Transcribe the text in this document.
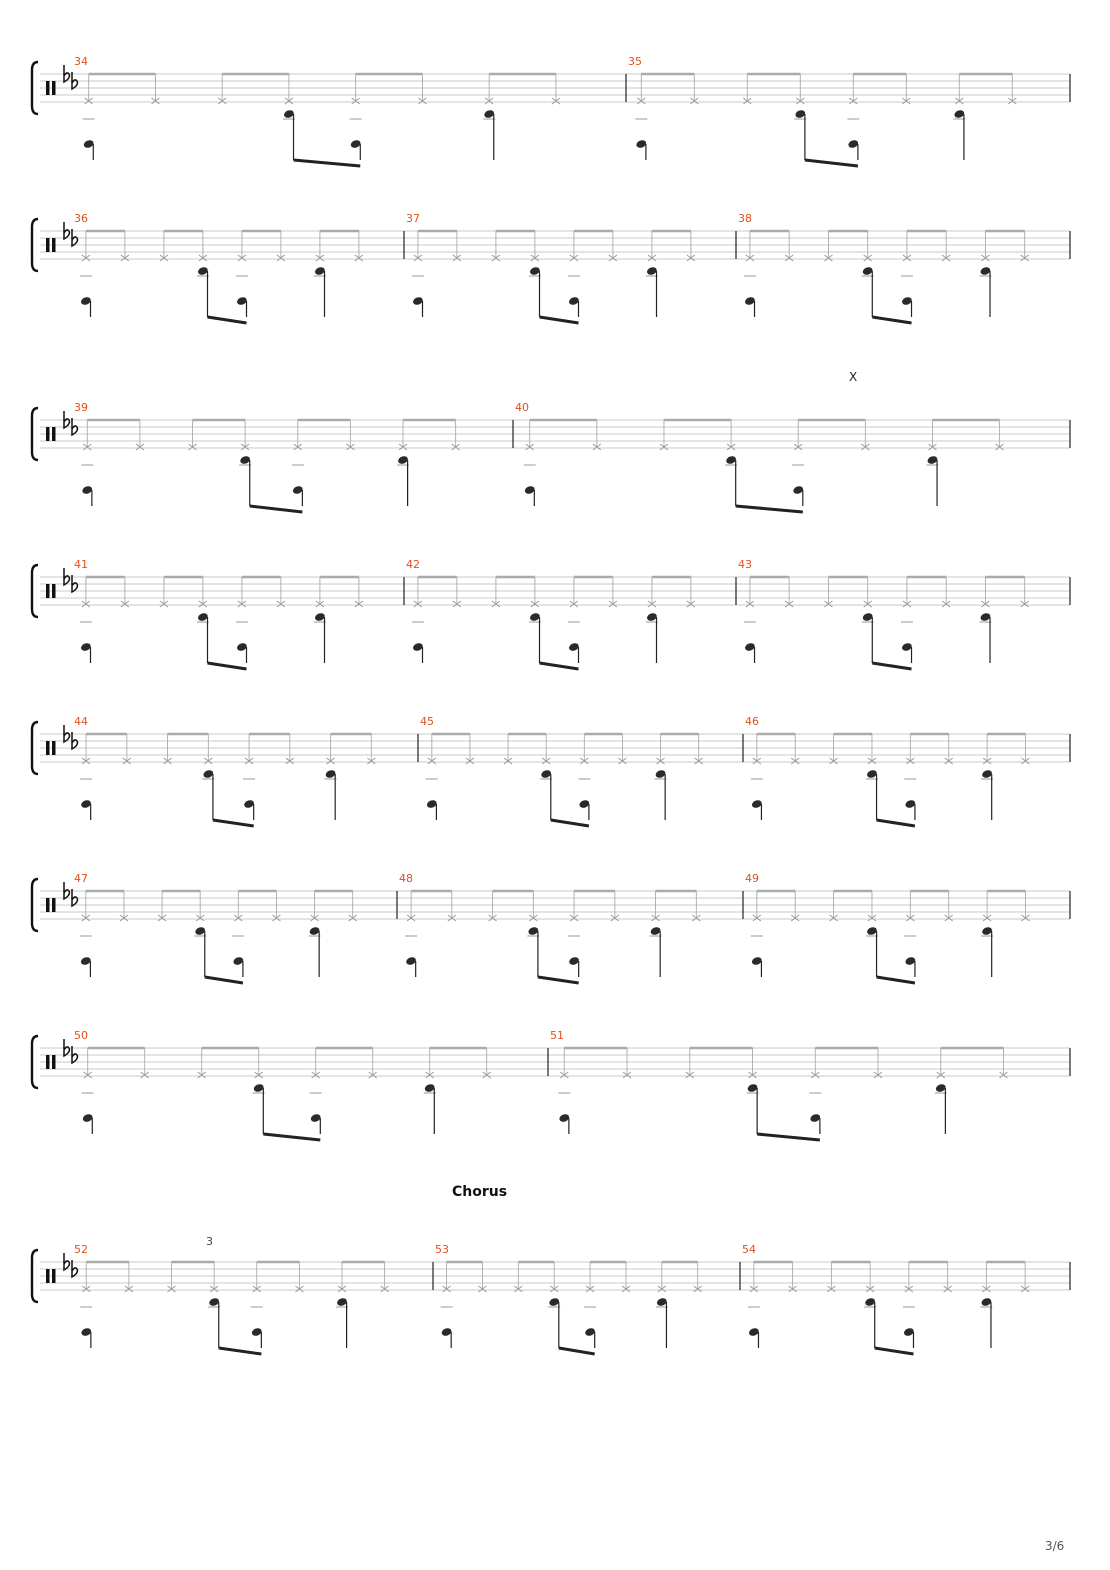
34	35
36	37	38
39	40
41	42	43
44	45	46
47	48	49
50	51
52	53	54
X
Chorus
3
3/6
